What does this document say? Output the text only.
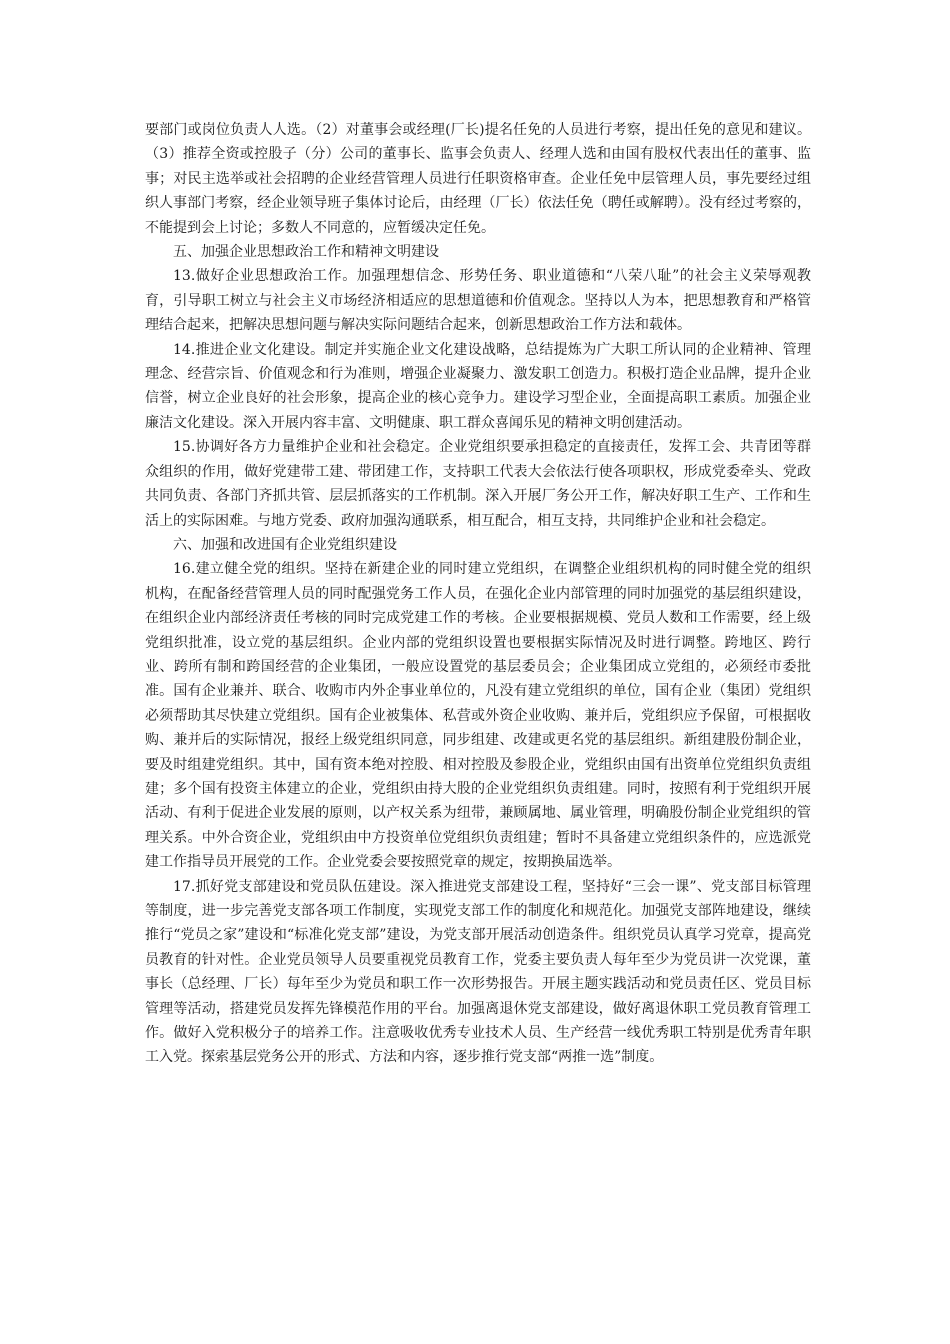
要部门或岗位负责人人选。（2）对董事会或经理(厂长)提名任免的人员进行考察，提出任免的意见和建议。（3）推荐全资或控股子（分）公司的董事长、监事会负责人、经理人选和由国有股权代表出任的董事、监事；对民主选举或社会招聘的企业经营管理人员进行任职资格审查。企业任免中层管理人员，事先要经过组织人事部门考察，经企业领导班子集体讨论后，由经理（厂长）依法任免（聘任或解聘）。没有经过考察的，不能提到会上讨论；多数人不同意的，应暂缓决定任免。

五、加强企业思想政治工作和精神文明建设

13.做好企业思想政治工作。加强理想信念、形势任务、职业道德和“八荣八耻”的社会主义荣辱观教育，引导职工树立与社会主义市场经济相适应的思想道德和价值观念。坚持以人为本，把思想教育和严格管理结合起来，把解决思想问题与解决实际问题结合起来，创新思想政治工作方法和载体。

14.推进企业文化建设。制定并实施企业文化建设战略，总结提炼为广大职工所认同的企业精神、管理理念、经营宗旨、价值观念和行为准则，增强企业凝聚力、激发职工创造力。积极打造企业品牌，提升企业信誉，树立企业良好的社会形象，提高企业的核心竞争力。建设学习型企业，全面提高职工素质。加强企业廉洁文化建设。深入开展内容丰富、文明健康、职工群众喜闻乐见的精神文明创建活动。

15.协调好各方力量维护企业和社会稳定。企业党组织要承担稳定的直接责任，发挥工会、共青团等群众组织的作用，做好党建带工建、带团建工作，支持职工代表大会依法行使各项职权，形成党委牵头、党政共同负责、各部门齐抓共管、层层抓落实的工作机制。深入开展厂务公开工作，解决好职工生产、工作和生活上的实际困难。与地方党委、政府加强沟通联系，相互配合，相互支持，共同维护企业和社会稳定。

六、加强和改进国有企业党组织建设

16.建立健全党的组织。坚持在新建企业的同时建立党组织，在调整企业组织机构的同时健全党的组织机构，在配备经营管理人员的同时配强党务工作人员，在强化企业内部管理的同时加强党的基层组织建设，在组织企业内部经济责任考核的同时完成党建工作的考核。企业要根据规模、党员人数和工作需要，经上级党组织批准，设立党的基层组织。企业内部的党组织设置也要根据实际情况及时进行调整。跨地区、跨行业、跨所有制和跨国经营的企业集团，一般应设置党的基层委员会；企业集团成立党组的，必须经市委批准。国有企业兼并、联合、收购市内外企事业单位的，凡没有建立党组织的单位，国有企业（集团）党组织必须帮助其尽快建立党组织。国有企业被集体、私营或外资企业收购、兼并后，党组织应予保留，可根据收购、兼并后的实际情况，报经上级党组织同意，同步组建、改建或更名党的基层组织。新组建股份制企业，要及时组建党组织。其中，国有资本绝对控股、相对控股及参股企业，党组织由国有出资单位党组织负责组建；多个国有投资主体建立的企业，党组织由持大股的企业党组织负责组建。同时，按照有利于党组织开展活动、有利于促进企业发展的原则，以产权关系为纽带，兼顾属地、属业管理，明确股份制企业党组织的管理关系。中外合资企业，党组织由中方投资单位党组织负责组建；暂时不具备建立党组织条件的，应选派党建工作指导员开展党的工作。企业党委会要按照党章的规定，按期换届选举。

17.抓好党支部建设和党员队伍建设。深入推进党支部建设工程，坚持好“三会一课”、党支部目标管理等制度，进一步完善党支部各项工作制度，实现党支部工作的制度化和规范化。加强党支部阵地建设，继续推行“党员之家”建设和“标准化党支部”建设，为党支部开展活动创造条件。组织党员认真学习党章，提高党员教育的针对性。企业党员领导人员要重视党员教育工作，党委主要负责人每年至少为党员讲一次党课，董事长（总经理、厂长）每年至少为党员和职工作一次形势报告。开展主题实践活动和党员责任区、党员目标管理等活动，搭建党员发挥先锋模范作用的平台。加强离退休党支部建设，做好离退休职工党员教育管理工作。做好入党积极分子的培养工作。注意吸收优秀专业技术人员、生产经营一线优秀职工特别是优秀青年职工入党。探索基层党务公开的形式、方法和内容，逐步推行党支部“两推一选”制度。
